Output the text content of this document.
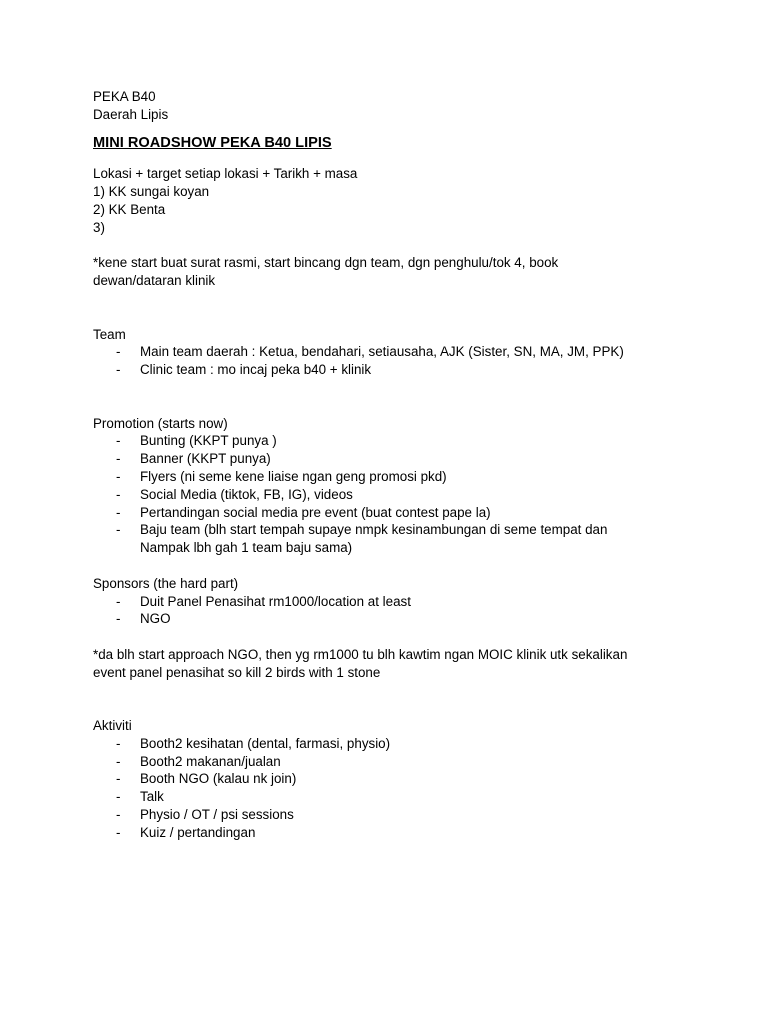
PEKA B40

Daerah Lipis

MINI ROADSHOW PEKA B40 LIPIS

Lokasi + target setiap lokasi + Tarikh + masa

1) KK sungai koyan

2) KK Benta

3)

*kene start buat surat rasmi, start bincang dgn team, dgn penghulu/tok 4, book

dewan/dataran klinik

Team

- Main team daerah : Ketua, bendahari, setiausaha, AJK (Sister, SN, MA, JM, PPK)
- Clinic team : mo incaj peka b40 + klinik

Promotion (starts now)

- Bunting (KKPT punya )
- Banner (KKPT punya)
- Flyers (ni seme kene liaise ngan geng promosi pkd)
- Social Media (tiktok, FB, IG), videos
- Pertandingan social media pre event (buat contest pape la)
- Baju team (blh start tempah supaye nmpk kesinambungan di seme tempat dan
Nampak lbh gah 1 team baju sama)

Sponsors (the hard part)

- Duit Panel Penasihat rm1000/location at least
- NGO

*da blh start approach NGO, then yg rm1000 tu blh kawtim ngan MOIC klinik utk sekalikan

event panel penasihat so kill 2 birds with 1 stone

Aktiviti

- Booth2 kesihatan (dental, farmasi, physio)
- Booth2 makanan/jualan
- Booth NGO (kalau nk join)
- Talk
- Physio / OT / psi sessions
- Kuiz / pertandingan
